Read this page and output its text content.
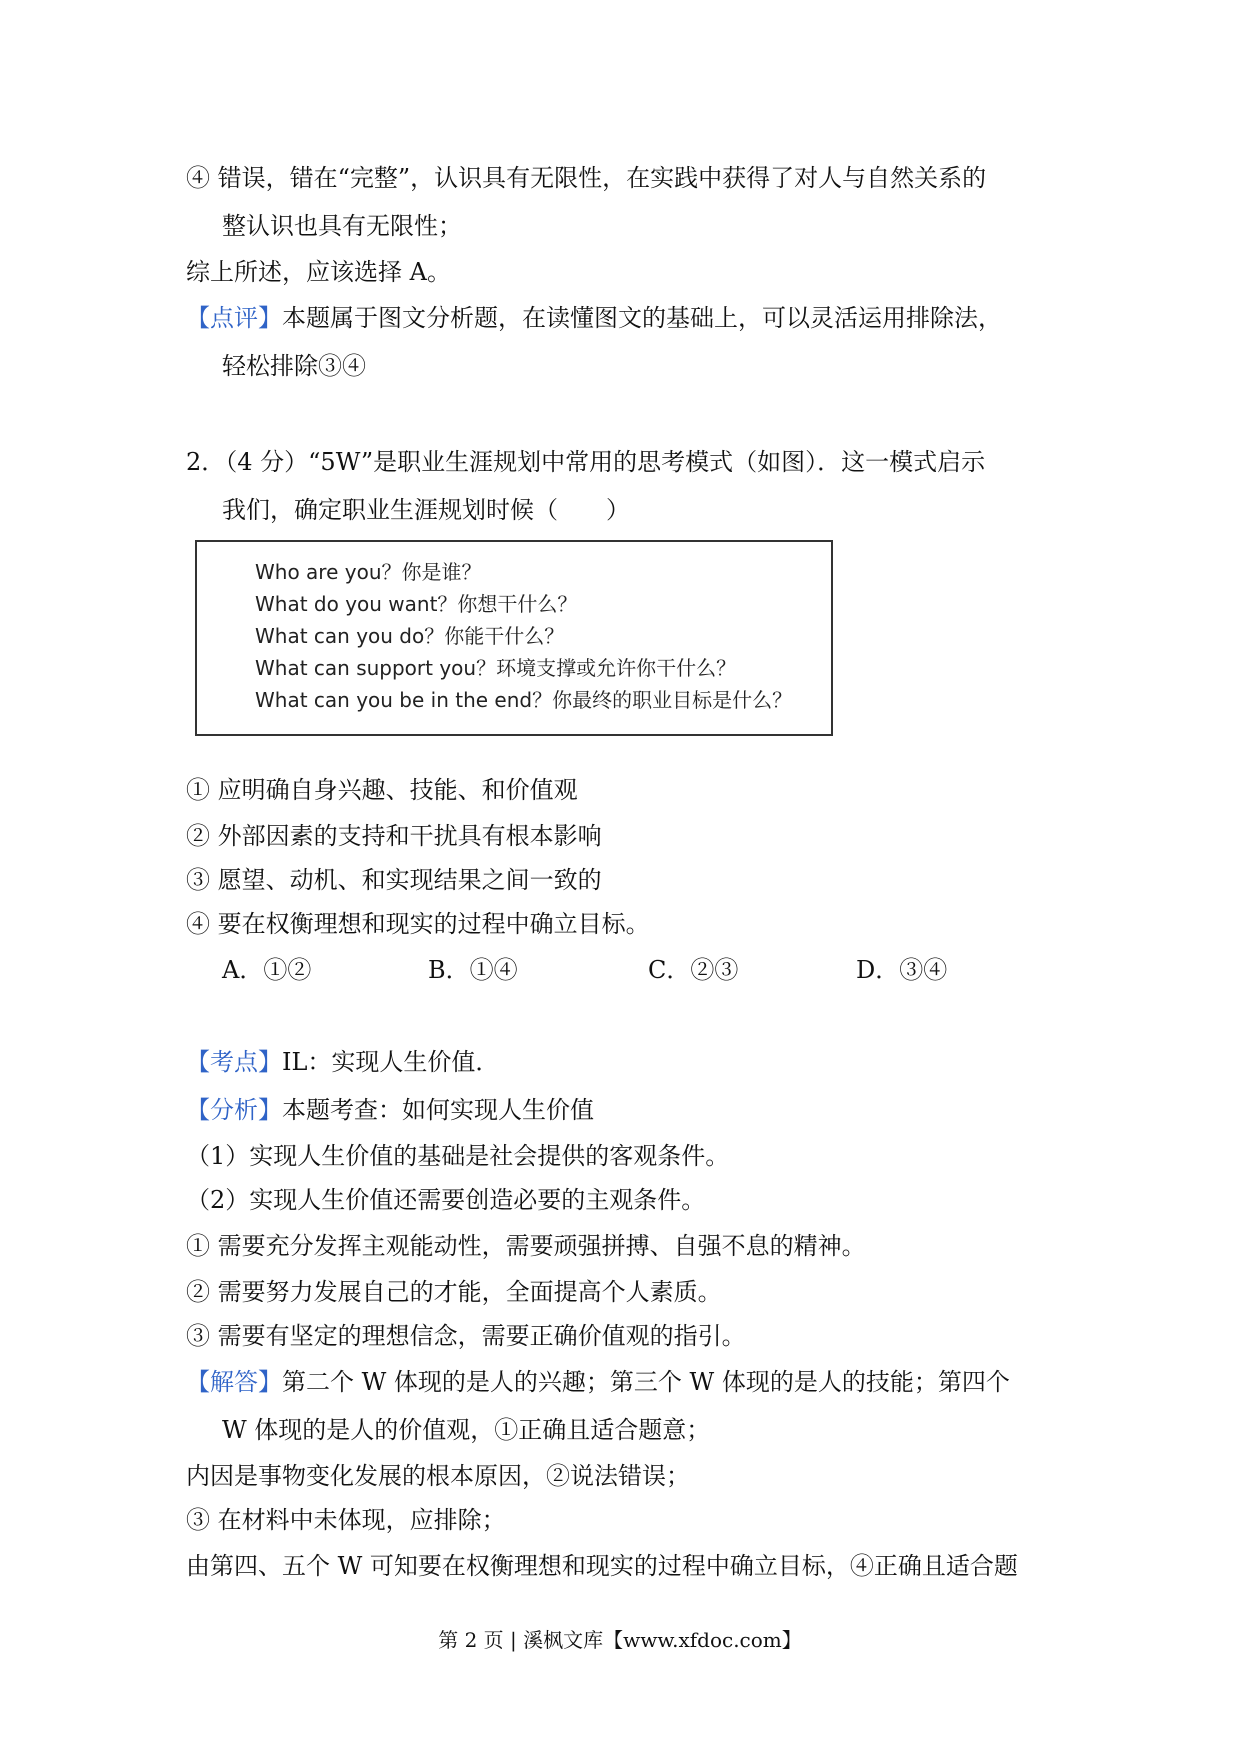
④ 错误，错在“完整”，认识具有无限性，在实践中获得了对人与自然关系的
整认识也具有无限性；
综上所述，应该选择 A。
【点评】本题属于图文分析题，在读懂图文的基础上，可以灵活运用排除法，
轻松排除③④
2．（4 分）“5W”是职业生涯规划中常用的思考模式（如图）．这一模式启示
我们，确定职业生涯规划时候（　　）
Who are you？你是谁？
What do you want？你想干什么？
What can you do？你能干什么？
What can support you？环境支撑或允许你干什么？
What can you be in the end？你最终的职业目标是什么？
① 应明确自身兴趣、技能、和价值观
② 外部因素的支持和干扰具有根本影响
③ 愿望、动机、和实现结果之间一致的
④ 要在权衡理想和现实的过程中确立目标。
A．①②	B．①④	C．②③	D．③④
【考点】IL：实现人生价值．
【分析】本题考查：如何实现人生价值
（1）实现人生价值的基础是社会提供的客观条件。
（2）实现人生价值还需要创造必要的主观条件。
① 需要充分发挥主观能动性，需要顽强拼搏、自强不息的精神。
② 需要努力发展自己的才能，全面提高个人素质。
③ 需要有坚定的理想信念，需要正确价值观的指引。
【解答】第二个 W 体现的是人的兴趣；第三个 W 体现的是人的技能；第四个
W 体现的是人的价值观，①正确且适合题意；
内因是事物变化发展的根本原因，②说法错误；
③ 在材料中未体现，应排除；
由第四、五个 W 可知要在权衡理想和现实的过程中确立目标，④正确且适合题
第 2 页 | 溪枫文库【www.xfdoc.com】
